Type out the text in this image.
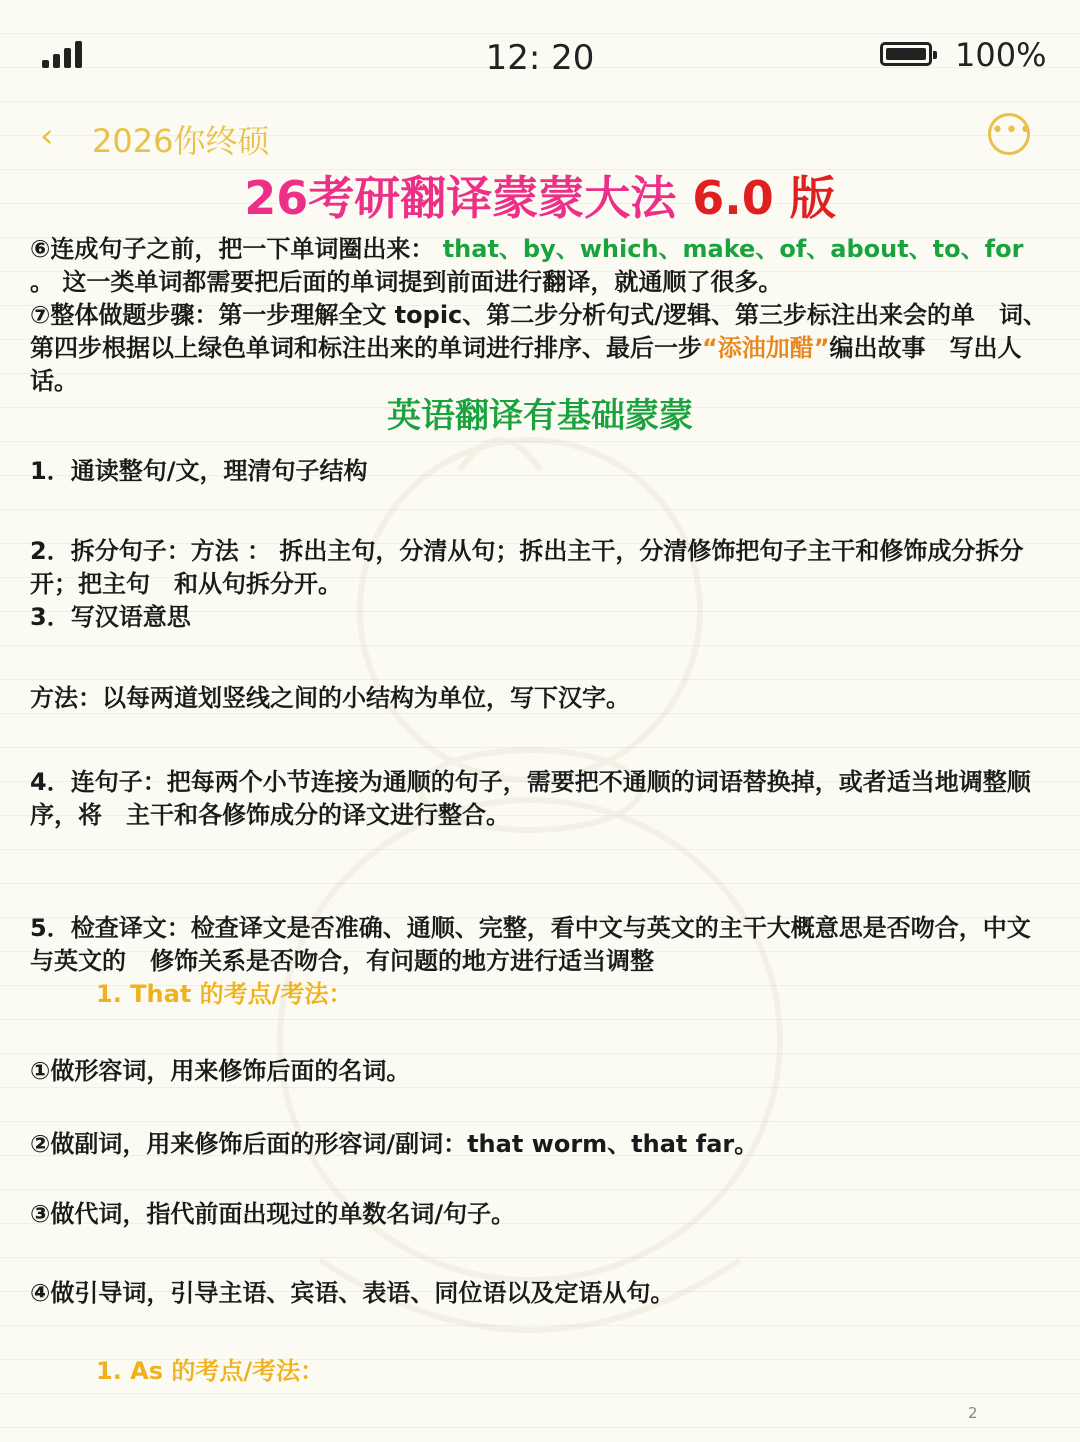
12: 20	100%
‹ 2026你终硕	•••
26考研翻译蒙蒙大法 6.0 版
⑥连成句子之前，把一下单词圈出来： that、by、which、make、of、about、to、for
。 这一类单词都需要把后面的单词提到前面进行翻译，就通顺了很多。
⑦整体做题步骤：第一步理解全文 topic、第二步分析句式/逻辑、第三步标注出来会的单　词、第四步根据以上绿色单词和标注出来的单词进行排序、最后一步“添油加醋”编出故事　写出人话。
英语翻译有基础蒙蒙
1．通读整句/文，理清句子结构
2．拆分句子：方法 ： 拆出主句，分清从句；拆出主干，分清修饰把句子主干和修饰成分拆分开；把主句　和从句拆分开。
3．写汉语意思
方法：以每两道划竖线之间的小结构为单位，写下汉字。
4．连句子：把每两个小节连接为通顺的句子，需要把不通顺的词语替换掉，或者适当地调整顺序，将　主干和各修饰成分的译文进行整合。
5．检查译文：检查译文是否准确、通顺、完整，看中文与英文的主干大概意思是否吻合，中文与英文的　修饰关系是否吻合，有问题的地方进行适当调整
1. That 的考点/考法：
①做形容词，用来修饰后面的名词。
②做副词，用来修饰后面的形容词/副词：that worm、that far。
③做代词，指代前面出现过的单数名词/句子。
④做引导词，引导主语、宾语、表语、同位语以及定语从句。
1. As 的考点/考法：
2
